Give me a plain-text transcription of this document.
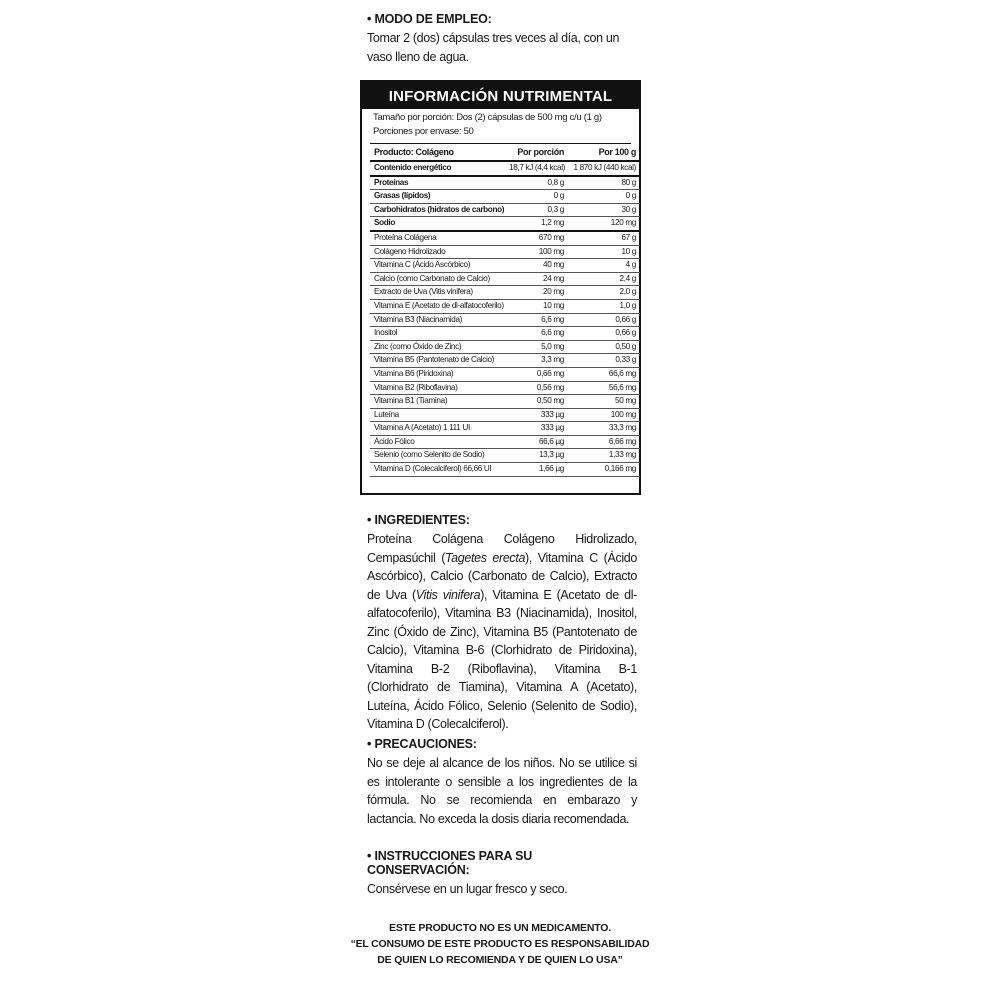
• MODO DE EMPLEO:

Tomar 2 (dos) cápsulas tres veces al día, con un vaso lleno de agua.

INFORMACIÓN NUTRIMENTAL
Tamaño por porción: Dos (2) cápsulas de 500 mg c/u (1 g)
Porciones por envase: 50
Producto: Colágeno	Por porción	Por 100 g
Contenido energético	18,7 kJ (4,4 kcal)	1 870 kJ (440 kcal)
Proteínas	0,8 g	80 g
Grasas (lípidos)	0 g	0 g
Carbohidratos (hidratos de carbono)	0,3 g	30 g
Sodio	1,2 mg	120 mg
Proteína Colágena	670 mg	67 g
Colágeno Hidrolizado	100 mg	10 g
Vitamina C (Ácido Ascórbico)	40 mg	4 g
Calcio (como Carbonato de Calcio)	24 mg	2,4 g
Extracto de Uva (Vitis vinifera)	20 mg	2,0 g
Vitamina E (Acetato de dl-alfatocoferilo)	10 mg	1,0 g
Vitamina B3 (Niacinamida)	6,6 mg	0,66 g
Inositol	6,6 mg	0,66 g
Zinc (como Óxido de Zinc)	5,0 mg	0,50 g
Vitamina B5 (Pantotenato de Calcio)	3,3 mg	0,33 g
Vitamina B6 (Piridoxina)	0,66 mg	66,6 mg
Vitamina B2 (Riboflavina)	0,56 mg	56,6 mg
Vitamina B1 (Tiamina)	0,50 mg	50 mg
Luteína	333 µg	100 mg
Vitamina A (Acetato) 1 111 UI	333 µg	33,3 mg
Ácido Fólico	66,6 µg	6,66 mg
Selenio (como Selenito de Sodio)	13,3 µg	1,33 mg
Vitamina D (Colecalciferol) 66,66 UI	1,66 µg	0,166 mg

• INGREDIENTES:

Proteína Colágena Colágeno Hidrolizado, Cempasúchil (Tagetes erecta), Vitamina C (Ácido Ascórbico), Calcio (Carbonato de Calcio), Extracto de Uva (Vitis vinifera), Vitamina E (Acetato de dl-alfatocoferilo), Vitamina B3 (Niacinamida), Inositol, Zinc (Óxido de Zinc), Vitamina B5 (Pantotenato de Calcio), Vitamina B-6 (Clorhidrato de Piridoxina), Vitamina B-2 (Riboflavina), Vitamina B-1 (Clorhidrato de Tiamina), Vitamina A (Acetato), Luteína, Ácido Fólico, Selenio (Selenito de Sodio), Vitamina D (Colecalciferol).

• PRECAUCIONES:

No se deje al alcance de los niños. No se utilice si es intolerante o sensible a los ingredientes de la fórmula. No se recomienda en embarazo y lactancia. No exceda la dosis diaria recomendada.

• INSTRUCCIONES PARA SU CONSERVACIÓN:

Consérvese en un lugar fresco y seco.

ESTE PRODUCTO NO ES UN MEDICAMENTO.
“EL CONSUMO DE ESTE PRODUCTO ES RESPONSABILIDAD
DE QUIEN LO RECOMIENDA Y DE QUIEN LO USA”
